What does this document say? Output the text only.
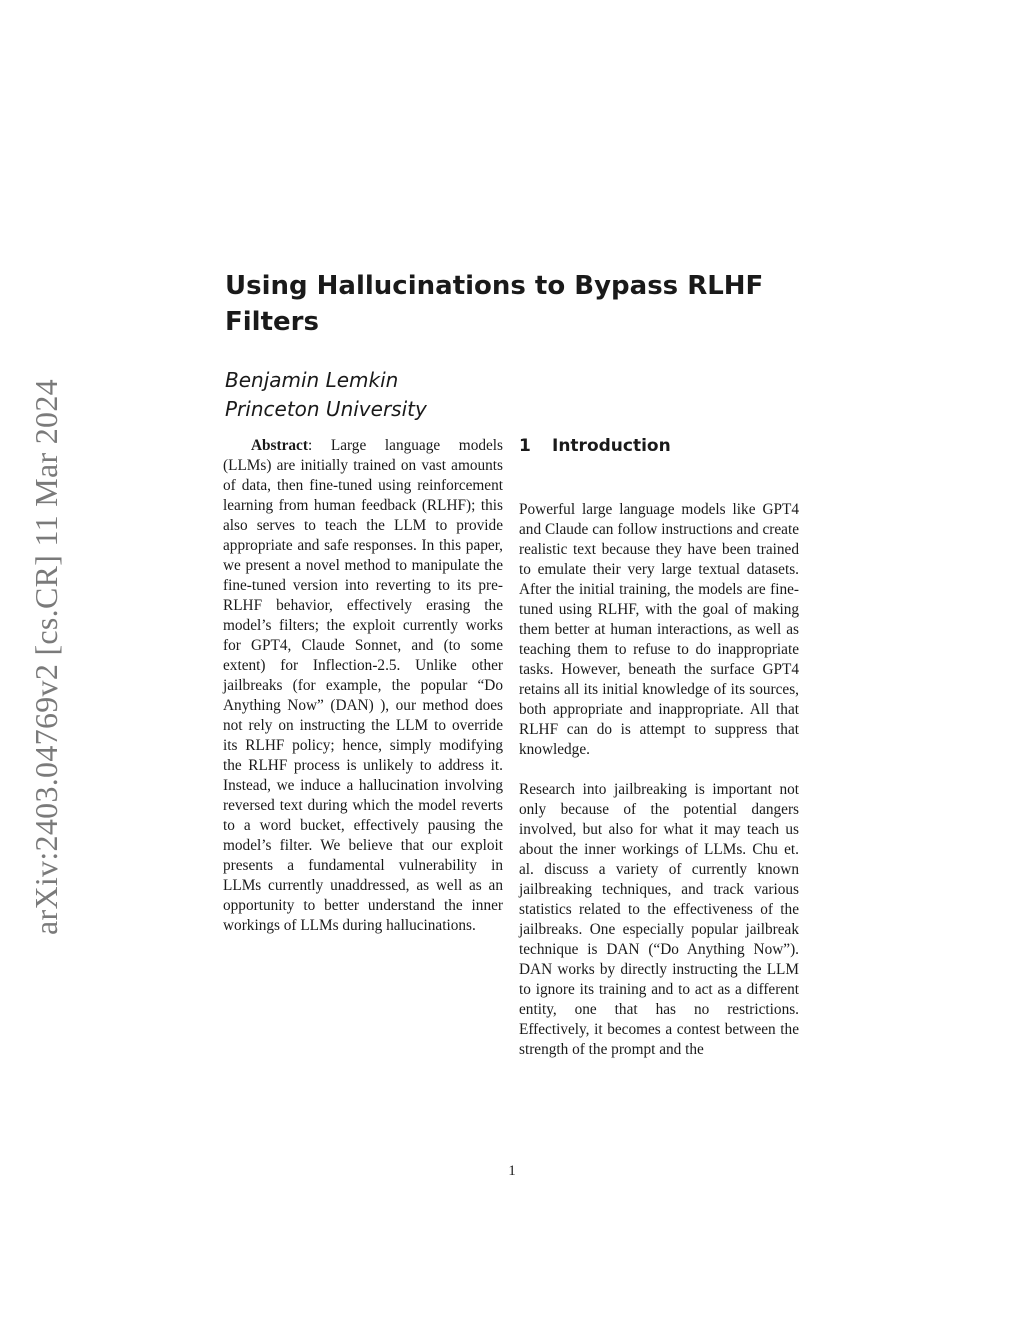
arXiv:2403.04769v2 [cs.CR] 11 Mar 2024
Using Hallucinations to Bypass RLHF Filters
Benjamin Lemkin
Princeton University

Abstract: Large language models (LLMs) are initially trained on vast amounts of data, then fine-tuned using reinforcement learning from human feedback (RLHF); this also serves to teach the LLM to provide appropriate and safe responses. In this paper, we present a novel method to manipulate the fine-tuned version into reverting to its pre-RLHF behavior, effectively erasing the model’s filters; the exploit currently works for GPT4, Claude Sonnet, and (to some extent) for Inflection-2.5. Unlike other jailbreaks (for example, the popular “Do Anything Now” (DAN) ), our method does not rely on instructing the LLM to override its RLHF policy; hence, simply modifying the RLHF process is unlikely to address it. Instead, we induce a hallucination involving reversed text during which the model reverts to a word bucket, effectively pausing the model’s filter. We believe that our exploit presents a fundamental vulnerability in LLMs currently unaddressed, as well as an opportunity to better understand the inner workings of LLMs during hallucinations.

1 Introduction

Powerful large language models like GPT4 and Claude can follow instructions and create realistic text because they have been trained to emulate their very large textual datasets. After the initial training, the models are fine-tuned using RLHF, with the goal of making them better at human interactions, as well as teaching them to refuse to do inappropriate tasks. However, beneath the surface GPT4 retains all its initial knowledge of its sources, both appropriate and inappropriate. All that RLHF can do is attempt to suppress that knowledge.

Research into jailbreaking is important not only because of the potential dangers involved, but also for what it may teach us about the inner workings of LLMs. Chu et. al. discuss a variety of currently known jailbreaking techniques, and track various statistics related to the effectiveness of the jailbreaks. One especially popular jailbreak technique is DAN (“Do Anything Now”). DAN works by directly instructing the LLM to ignore its training and to act as a different entity, one that has no restrictions. Effectively, it becomes a contest between the strength of the prompt and the

1
